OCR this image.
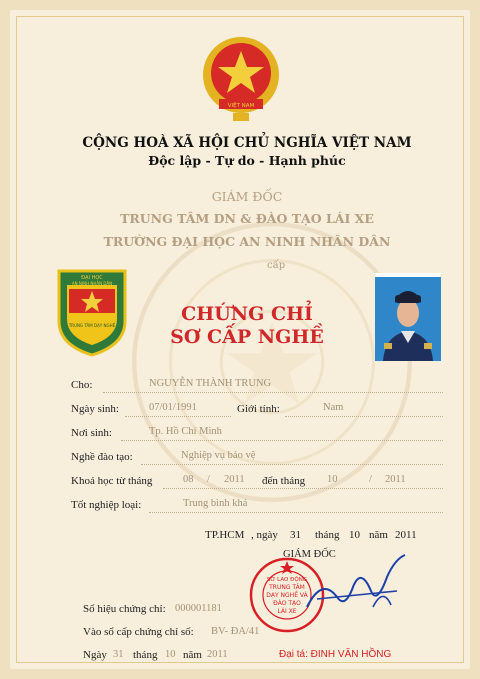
VIỆT NAM
CỘNG HOÀ XÃ HỘI CHỦ NGHĨA VIỆT NAM
Độc lập - Tự do - Hạnh phúc
GIÁM ĐỐC
TRUNG TÂM DN & ĐÀO TẠO LÁI XE
TRƯỜNG ĐẠI HỌC AN NINH NHÂN DÂN
cấp
ĐẠI HỌC
AN NINH NHÂN DÂN
TRUNG TÂM DẠY NGHỀ
CHỨNG CHỈ
SƠ CẤP NGHỀ
Cho:	NGUYỄN THÀNH TRUNG
Ngày sinh:	07/01/1991	Giới tính:	Nam
Nơi sinh:	Tp. Hồ Chí Minh
Nghề đào tạo:	Nghiệp vụ bảo vệ
Khoá học từ tháng	08 / 2011 đến tháng 10	/ 2011
Tốt nghiệp loại:	Trung bình khá
TP.HCM , ngày 31 tháng 10 năm 2011
GIÁM ĐỐC
SỞ LAO ĐỘNG
TRUNG TÂM
DẠY NGHỀ VÀ
ĐÀO TẠO
LÁI XE
Số hiệu chứng chỉ: 000001181
Vào sổ cấp chứng chỉ số: BV- ĐA/41
Ngày 31 tháng 10 năm 2011	Đại tá: ĐINH VĂN HỒNG
